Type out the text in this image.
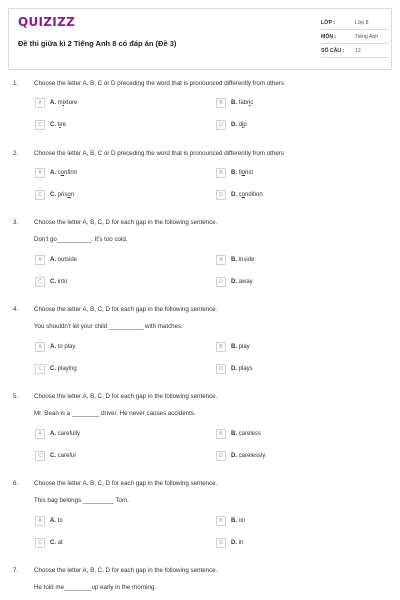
QUIZIZZ
Đề thi giữa kì 2 Tiếng Anh 8 có đáp án (Đề 3)
LỚP :	Lớp 8
MÔN :	Tiếng Anh
SỐ CÂU :	12
1.	Choose the letter A, B, C or D preceding the word that is pronounced differently from others
A	A. mixture	B	B. fabric
C	C. tire	D	D. dip
2.	Choose the letter A, B, C or D preceding the word that is pronounced differently from others
A	A. confirm	B	B. florist
C	C. prison	D	D. condition
3.	Choose the letter A, B, C, D for each gap in the following sentence.
Don't go__________. It's too cold.
A	A. outside	B	B. inside
C	C. into	D	D. away
4.	Choose the letter A, B, C, D for each gap in the following sentence.
You shouldn't let your child __________ with matches.
A	A. to play	B	B. play
C	C. playing	D	D. plays
5.	Choose the letter A, B, C, D for each gap in the following sentence.
Mr. Bean is a ________ driver. He never causes accidents.
A	A. carefully	B	B. careless
C	C. careful	D	D. carelessly
6.	Choose the letter A, B, C, D for each gap in the following sentence.
This bag belongs _________ Tom.
A	A. to	B	B. on
C	C. at	D	D. in
7.	Choose the letter A, B, C, D for each gap in the following sentence.
He told me________up early in the morning.
